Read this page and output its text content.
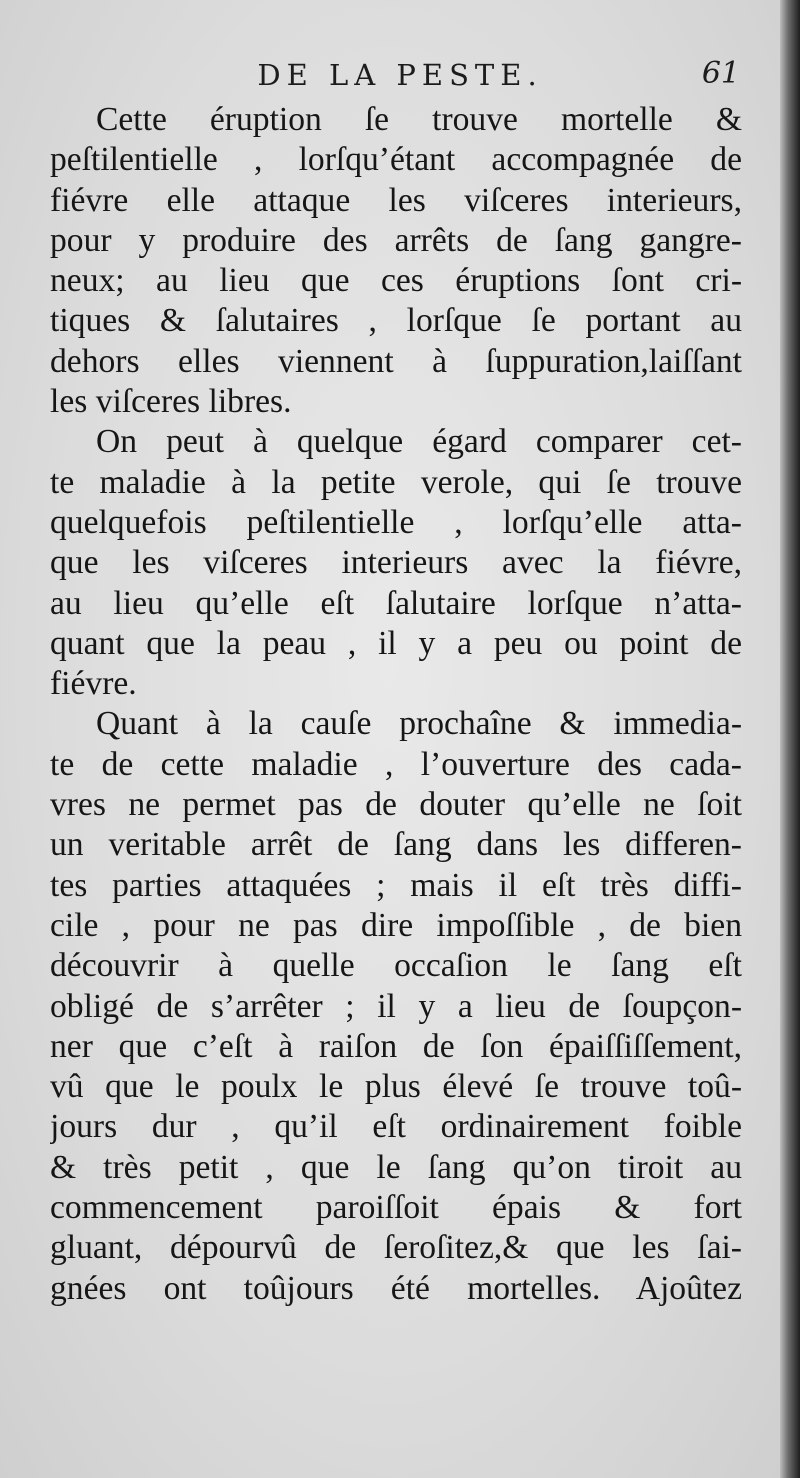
DE LA PESTE.	61
Cette éruption ſe trouve mortelle &
peſtilentielle , lorſqu’étant accompagnée de
fiévre elle attaque les viſceres interieurs,
pour y produire des arrêts de ſang gangre-
neux; au lieu que ces éruptions ſont cri-
tiques & ſalutaires , lorſque ſe portant au
dehors elles viennent à ſuppuration,laiſſant
les viſceres libres.
On peut à quelque égard comparer cet-
te maladie à la petite verole, qui ſe trouve
quelquefois peſtilentielle , lorſqu’elle atta-
que les viſceres interieurs avec la fiévre,
au lieu qu’elle eſt ſalutaire lorſque n’atta-
quant que la peau , il y a peu ou point de
fiévre.
Quant à la cauſe prochaîne & immedia-
te de cette maladie , l’ouverture des cada-
vres ne permet pas de douter qu’elle ne ſoit
un veritable arrêt de ſang dans les differen-
tes parties attaquées ; mais il eſt très diffi-
cile , pour ne pas dire impoſſible , de bien
découvrir à quelle occaſion le ſang eſt
obligé de s’arrêter ; il y a lieu de ſoupçon-
ner que c’eſt à raiſon de ſon épaiſſiſſement,
vû que le poulx le plus élevé ſe trouve toû-
jours dur , qu’il eſt ordinairement foible
& très petit , que le ſang qu’on tiroit au
commencement paroiſſoit épais & fort
gluant, dépourvû de ſeroſitez,& que les ſai-
gnées ont toûjours été mortelles. Ajoûtez
